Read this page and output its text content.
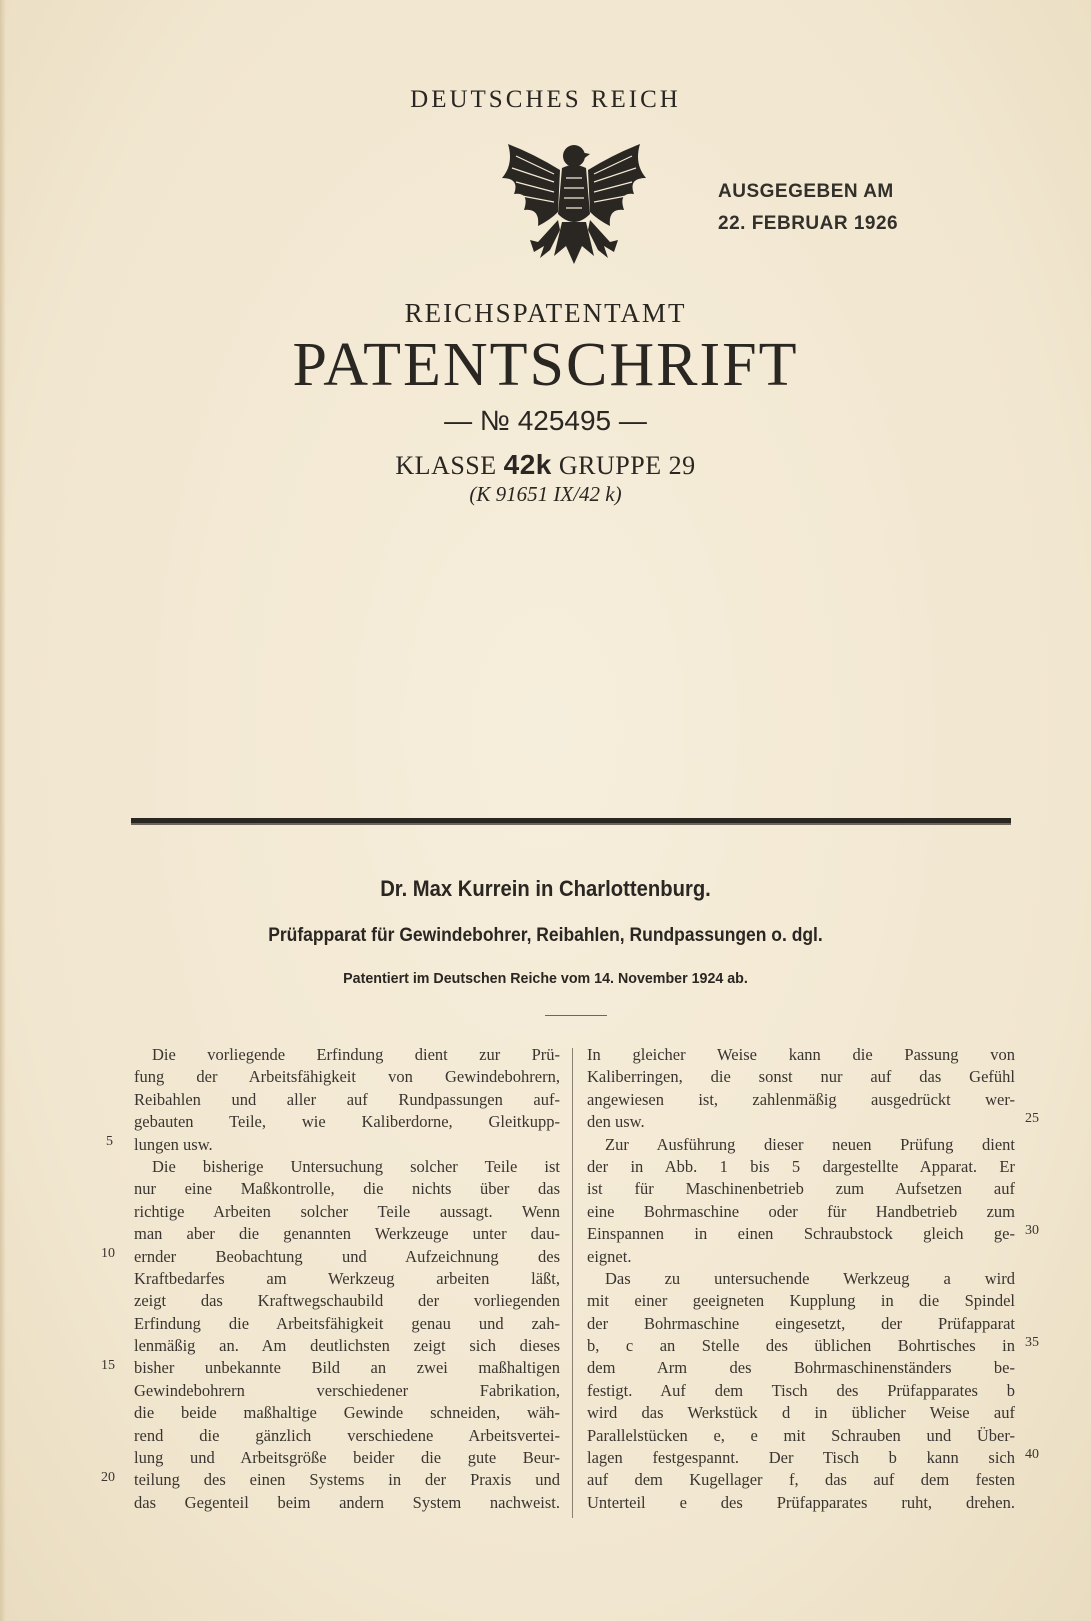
DEUTSCHES REICH
AUSGEGEBEN AM
22. FEBRUAR 1926
REICHSPATENTAMT
PATENTSCHRIFT
— № 425495 —
KLASSE 42k GRUPPE 29
(K 91651 IX/42 k)
Dr. Max Kurrein in Charlottenburg.
Prüfapparat für Gewindebohrer, Reibahlen, Rundpassungen o. dgl.
Patentiert im Deutschen Reiche vom 14. November 1924 ab.
Die vorliegende Erfindung dient zur Prü-
fung der Arbeitsfähigkeit von Gewindebohrern,
Reibahlen und aller auf Rundpassungen auf-
gebauten Teile, wie Kaliberdorne, Gleitkupp-
lungen usw.
Die bisherige Untersuchung solcher Teile ist
nur eine Maßkontrolle, die nichts über das
richtige Arbeiten solcher Teile aussagt. Wenn
man aber die genannten Werkzeuge unter dau-
ernder Beobachtung und Aufzeichnung des
Kraftbedarfes am Werkzeug arbeiten läßt,
zeigt das Kraftwegschaubild der vorliegenden
Erfindung die Arbeitsfähigkeit genau und zah-
lenmäßig an. Am deutlichsten zeigt sich dieses
bisher unbekannte Bild an zwei maßhaltigen
Gewindebohrern verschiedener Fabrikation,
die beide maßhaltige Gewinde schneiden, wäh-
rend die gänzlich verschiedene Arbeitsvertei-
lung und Arbeitsgröße beider die gute Beur-
teilung des einen Systems in der Praxis und
das Gegenteil beim andern System nachweist.
In gleicher Weise kann die Passung von
Kaliberringen, die sonst nur auf das Gefühl
angewiesen ist, zahlenmäßig ausgedrückt wer-
den usw.
Zur Ausführung dieser neuen Prüfung dient
der in Abb. 1 bis 5 dargestellte Apparat. Er
ist für Maschinenbetrieb zum Aufsetzen auf
eine Bohrmaschine oder für Handbetrieb zum
Einspannen in einen Schraubstock gleich ge-
eignet.
Das zu untersuchende Werkzeug a wird
mit einer geeigneten Kupplung in die Spindel
der Bohrmaschine eingesetzt, der Prüfapparat
b, c an Stelle des üblichen Bohrtisches in
dem Arm des Bohrmaschinenständers be-
festigt. Auf dem Tisch des Prüfapparates b
wird das Werkstück d in üblicher Weise auf
Parallelstücken e, e mit Schrauben und Über-
lagen festgespannt. Der Tisch b kann sich
auf dem Kugellager f, das auf dem festen
Unterteil e des Prüfapparates ruht, drehen.
5
10
15
20
25
30
35
40
